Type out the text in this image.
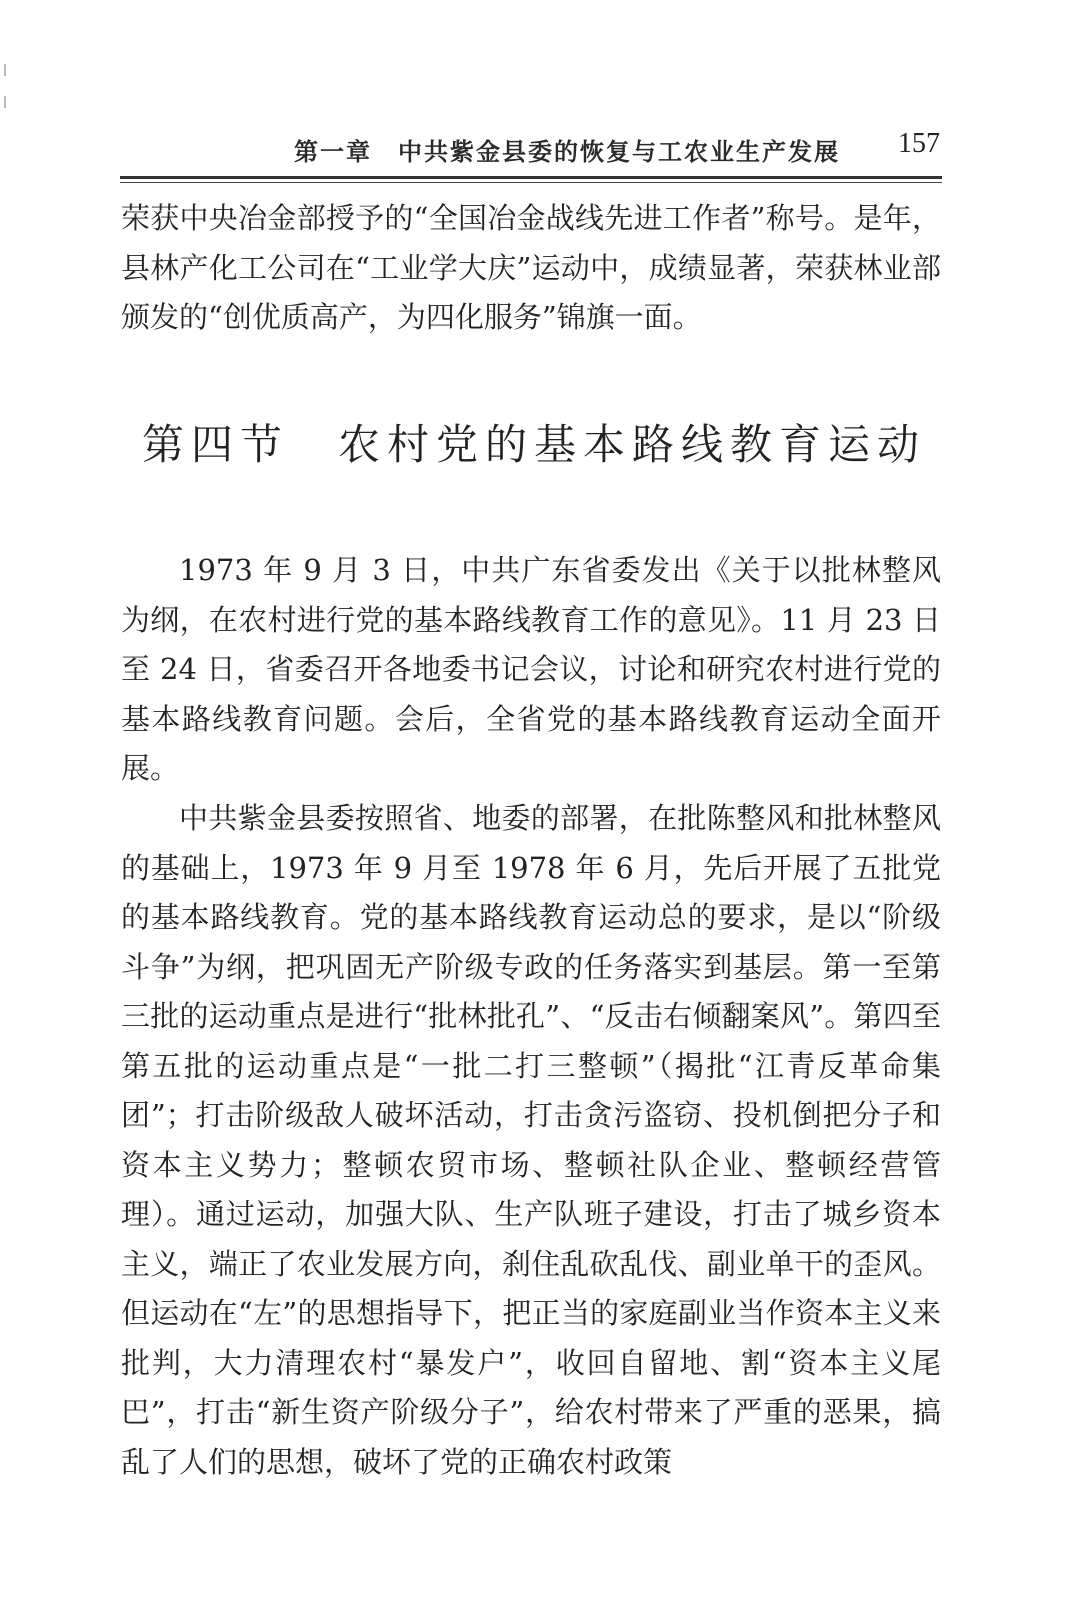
第一章　中共紫金县委的恢复与工农业生产发展 157

荣获中央冶金部授予的“全国冶金战线先进工作者”称号。是年，县林产化工公司在“工业学大庆”运动中，成绩显著，荣获林业部颁发的“创优质高产，为四化服务”锦旗一面。

第四节　农村党的基本路线教育运动

1973 年 9 月 3 日，中共广东省委发出《关于以批林整风为纲，在农村进行党的基本路线教育工作的意见》。11 月 23 日至 24 日，省委召开各地委书记会议，讨论和研究农村进行党的基本路线教育问题。会后，全省党的基本路线教育运动全面开展。

中共紫金县委按照省、地委的部署，在批陈整风和批林整风的基础上，1973 年 9 月至 1978 年 6 月，先后开展了五批党的基本路线教育。党的基本路线教育运动总的要求，是以“阶级斗争”为纲，把巩固无产阶级专政的任务落实到基层。第一至第三批的运动重点是进行“批林批孔”、“反击右倾翻案风”。第四至第五批的运动重点是“一批二打三整顿”（揭批“江青反革命集团”；打击阶级敌人破坏活动，打击贪污盗窃、投机倒把分子和资本主义势力；整顿农贸市场、整顿社队企业、整顿经营管理）。通过运动，加强大队、生产队班子建设，打击了城乡资本主义，端正了农业发展方向，刹住乱砍乱伐、副业单干的歪风。但运动在“左”的思想指导下，把正当的家庭副业当作资本主义来批判，大力清理农村“暴发户”，收回自留地、割“资本主义尾巴”，打击“新生资产阶级分子”，给农村带来了严重的恶果，搞乱了人们的思想，破坏了党的正确农村政策
